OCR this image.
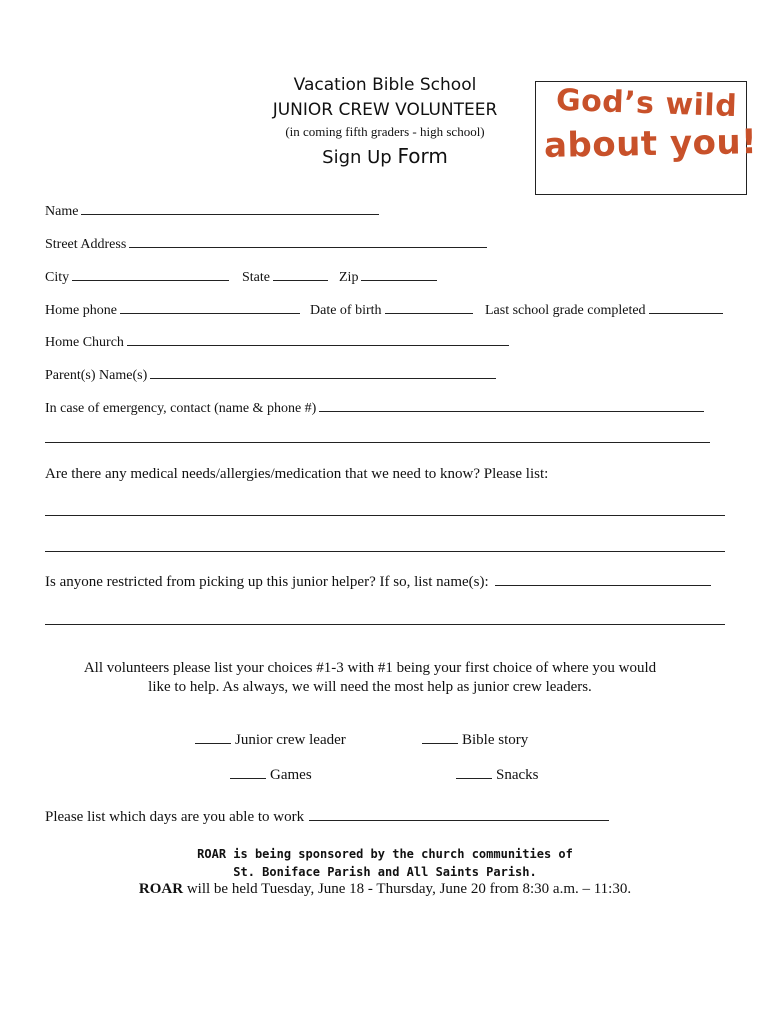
Vacation Bible School
JUNIOR CREW VOLUNTEER
(in coming fifth graders - high school)
Sign Up Form
God’s wild
about you!
Name
Street Address
City	State	Zip
Home phone	Date of birth	Last school grade completed
Home Church
Parent(s) Name(s)
In case of emergency, contact (name & phone #)
Are there any medical needs/allergies/medication that we need to know? Please list:
Is anyone restricted from picking up this junior helper? If so, list name(s):
All volunteers please list your choices #1-3 with #1 being your first choice of where you would
like to help. As always, we will need the most help as junior crew leaders.
Junior crew leader	Bible story
Games	Snacks
Please list which days are you able to work
ROAR is being sponsored by the church communities of
St. Boniface Parish and All Saints Parish.
ROAR will be held Tuesday, June 18 - Thursday, June 20 from 8:30 a.m. – 11:30.
